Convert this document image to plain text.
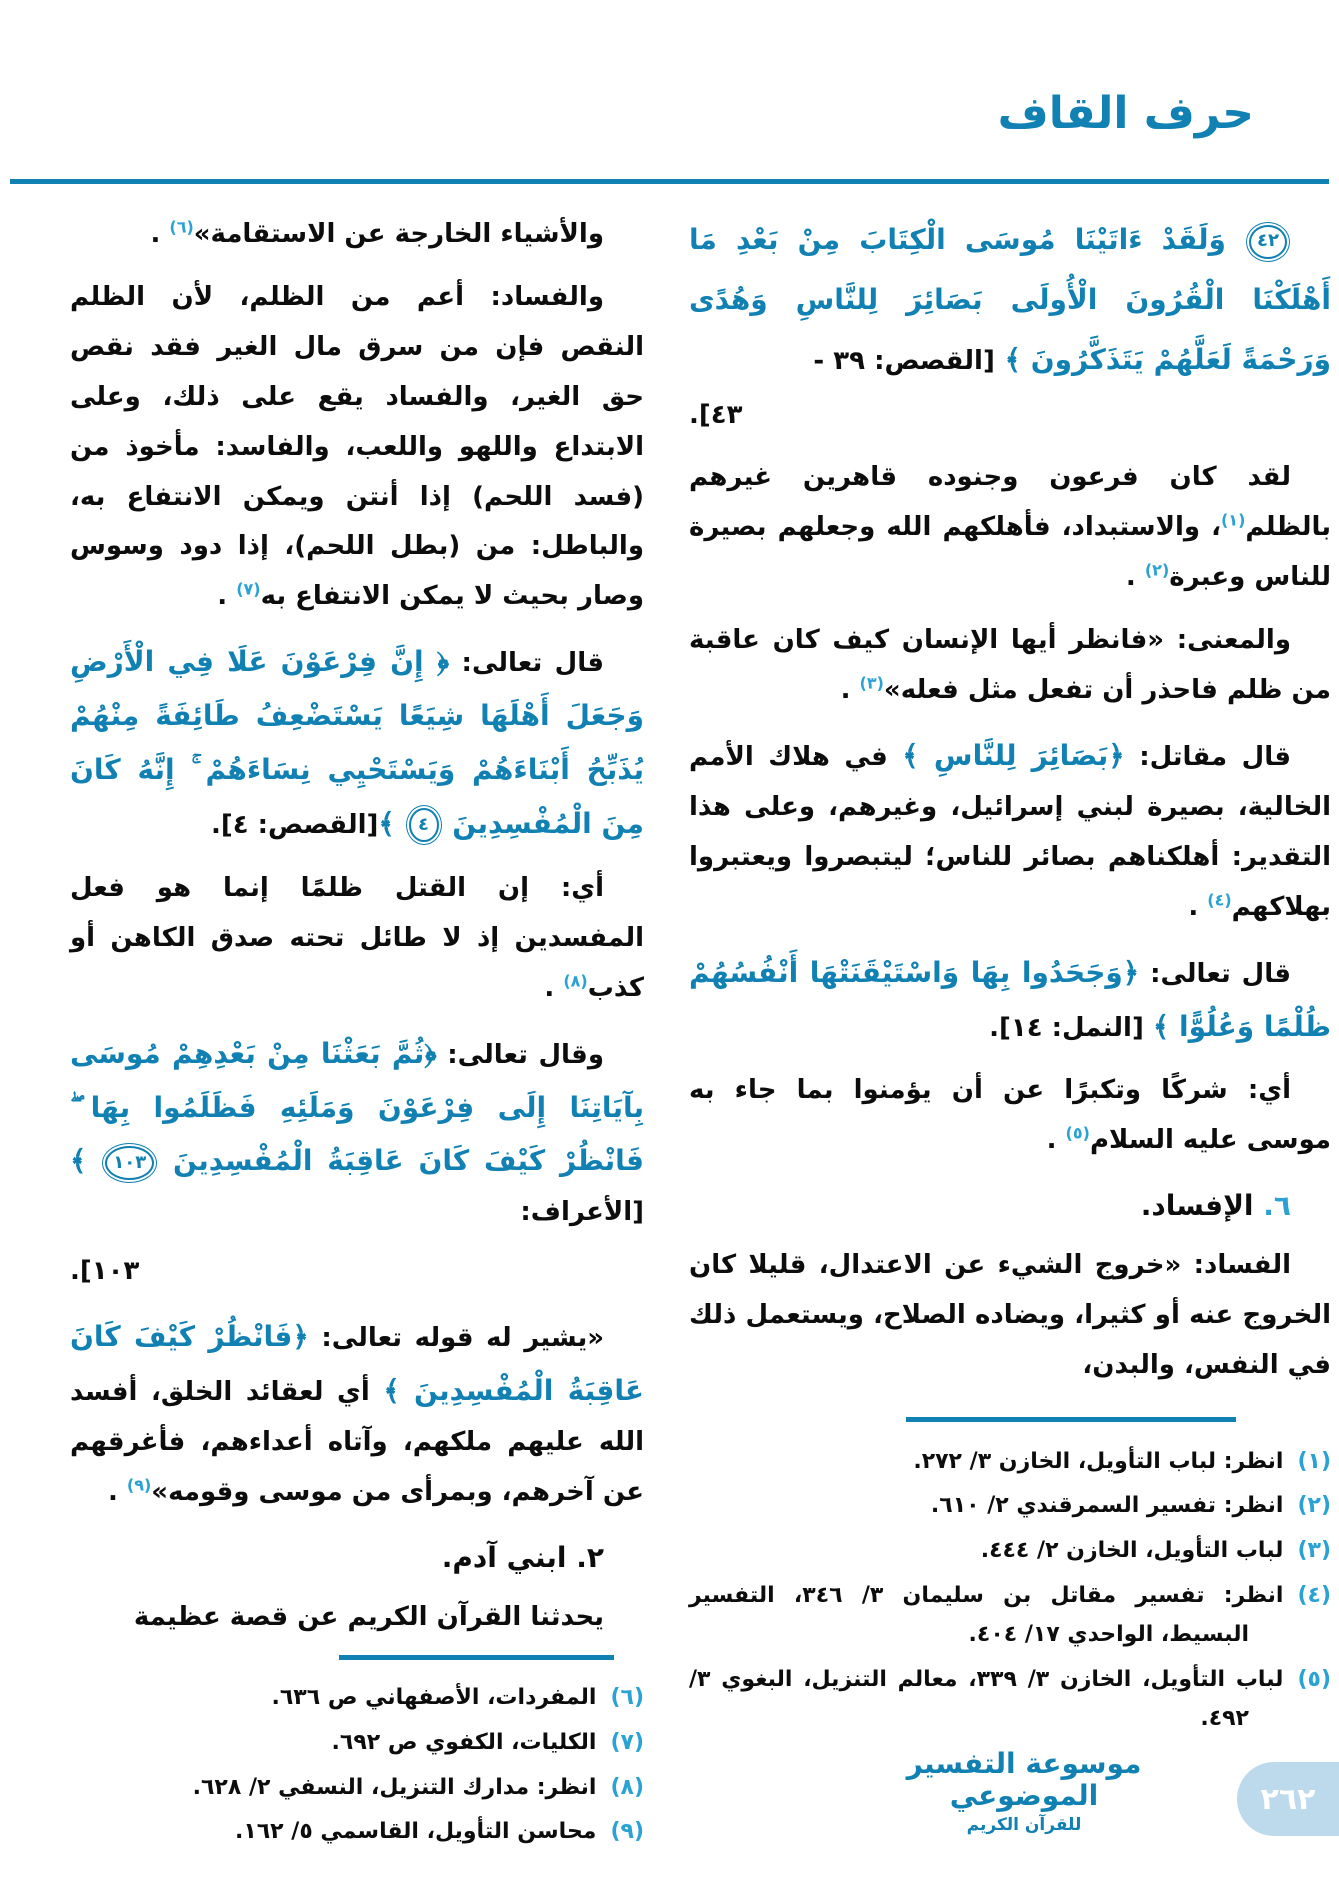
حرف القاف

٤٢ وَلَقَدْ ءَاتَيْنَا مُوسَى الْكِتَابَ مِنْ بَعْدِ مَا أَهْلَكْنَا الْقُرُونَ الْأُولَى بَصَائِرَ لِلنَّاسِ وَهُدًى وَرَحْمَةً لَعَلَّهُمْ يَتَذَكَّرُونَ ﴾ [القصص: ٣٩ -

٤٣].

لقد كان فرعون وجنوده قاهرين غيرهم بالظلم$^{(١)}$، والاستبداد، فأهلكهم الله وجعلهم بصيرة للناس وعبرة$^{(٢)}$ .

والمعنى: «فانظر أيها الإنسان كيف كان عاقبة من ظلم فاحذر أن تفعل مثل فعله»$^{(٣)}$ .

قال مقاتل: ﴿بَصَائِرَ لِلنَّاسِ ﴾ في هلاك الأمم الخالية، بصيرة لبني إسرائيل، وغيرهم، وعلى هذا التقدير: أهلكناهم بصائر للناس؛ ليتبصروا ويعتبروا بهلاكهم$^{(٤)}$ .

قال تعالى: ﴿وَجَحَدُوا بِهَا وَاسْتَيْقَنَتْهَا أَنْفُسُهُمْ ظُلْمًا وَعُلُوًّا ﴾ [النمل: ١٤].

أي: شركًا وتكبرًا عن أن يؤمنوا بما جاء به موسى عليه السلام$^{(٥)}$ .

٦. الإفساد.

الفساد: «خروج الشيء عن الاعتدال، قليلا كان الخروج عنه أو كثيرا، ويضاده الصلاح، ويستعمل ذلك في النفس، والبدن،

(١)انظر: لباب التأويل، الخازن ٣/ ٢٧٢.
(٢)انظر: تفسير السمرقندي ٢/ ٦١٠.
(٣)لباب التأويل، الخازن ٢/ ٤٤٤.
(٤)انظر: تفسير مقاتل بن سليمان ٣/ ٣٤٦، التفسير البسيط، الواحدي ١٧/ ٤٠٤.
(٥)لباب التأويل، الخازن ٣/ ٣٣٩، معالم التنزيل، البغوي ٣/ ٤٩٢.

والأشياء الخارجة عن الاستقامة»$^{(٦)}$ .

والفساد: أعم من الظلم، لأن الظلم النقص فإن من سرق مال الغير فقد نقص حق الغير، والفساد يقع على ذلك، وعلى الابتداع واللهو واللعب، والفاسد: مأخوذ من (فسد اللحم) إذا أنتن ويمكن الانتفاع به، والباطل: من (بطل اللحم)، إذا دود وسوس وصار بحيث لا يمكن الانتفاع به$^{(٧)}$ .

قال تعالى: ﴿ إِنَّ فِرْعَوْنَ عَلَا فِي الْأَرْضِ وَجَعَلَ أَهْلَهَا شِيَعًا يَسْتَضْعِفُ طَائِفَةً مِنْهُمْ يُذَبِّحُ أَبْنَاءَهُمْ وَيَسْتَحْيِي نِسَاءَهُمْ ۚ إِنَّهُ كَانَ مِنَ الْمُفْسِدِينَ ٤ ﴾[القصص: ٤].

أي: إن القتل ظلمًا إنما هو فعل المفسدين إذ لا طائل تحته صدق الكاهن أو كذب$^{(٨)}$ .

وقال تعالى: ﴿ثُمَّ بَعَثْنَا مِنْ بَعْدِهِمْ مُوسَى بِآيَاتِنَا إِلَى فِرْعَوْنَ وَمَلَئِهِ فَظَلَمُوا بِهَا ۖ فَانْظُرْ كَيْفَ كَانَ عَاقِبَةُ الْمُفْسِدِينَ ١٠٣ ﴾[الأعراف:

١٠٣].

«يشير له قوله تعالى: ﴿فَانْظُرْ كَيْفَ كَانَ عَاقِبَةُ الْمُفْسِدِينَ ﴾ أي لعقائد الخلق، أفسد الله عليهم ملكهم، وآتاه أعداءهم، فأغرقهم عن آخرهم، وبمرأى من موسى وقومه»$^{(٩)}$ .

٢. ابني آدم.

يحدثنا القرآن الكريم عن قصة عظيمة

(٦)المفردات، الأصفهاني ص ٦٣٦.
(٧)الكليات، الكفوي ص ٦٩٢.
(٨)انظر: مدارك التنزيل، النسفي ٢/ ٦٢٨.
(٩)محاسن التأويل، القاسمي ٥/ ١٦٢.
موسوعة التفسير الموضوعي
للقرآن الكريم
٢٦٢
